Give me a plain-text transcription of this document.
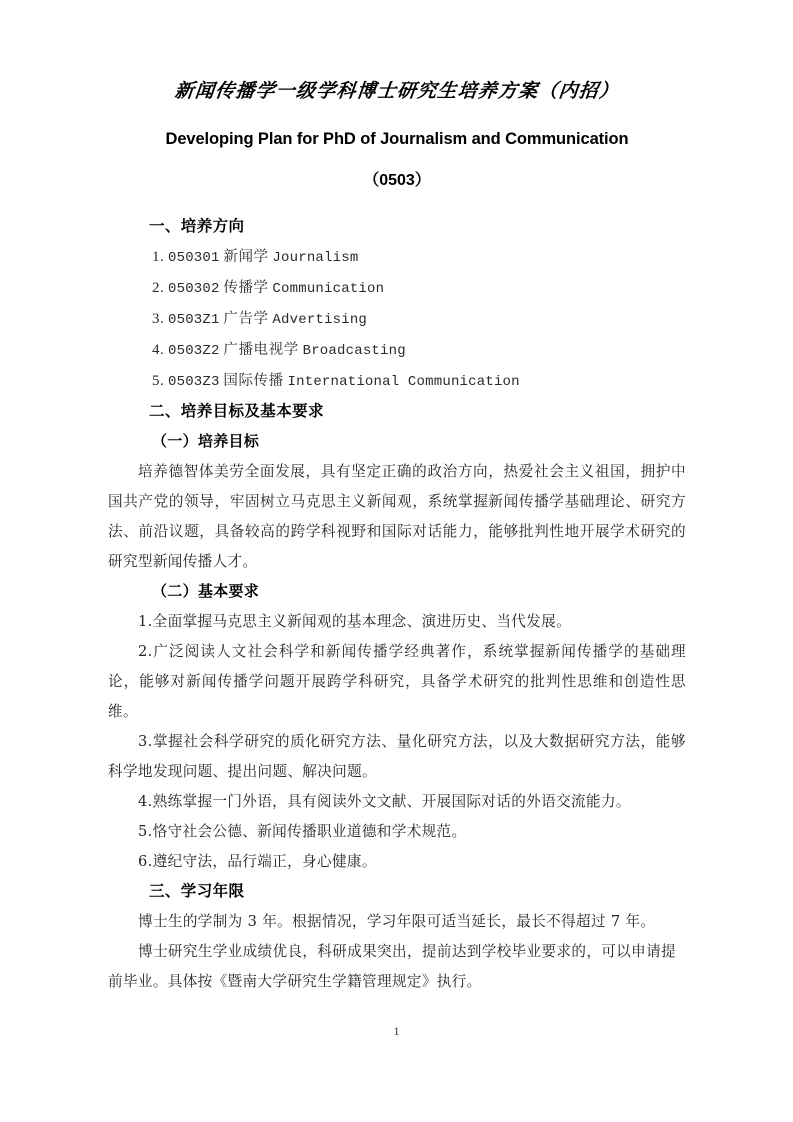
新闻传播学一级学科博士研究生培养方案（内招）
Developing Plan for PhD of Journalism and Communication
（0503）
一、培养方向
1. 050301 新闻学 Journalism
2. 050302 传播学 Communication
3. 0503Z1 广告学 Advertising
4. 0503Z2 广播电视学 Broadcasting
5. 0503Z3 国际传播 International Communication
二、培养目标及基本要求
（一）培养目标

培养德智体美劳全面发展，具有坚定正确的政治方向，热爱社会主义祖国，拥护中国共产党的领导，牢固树立马克思主义新闻观，系统掌握新闻传播学基础理论、研究方法、前沿议题，具备较高的跨学科视野和国际对话能力，能够批判性地开展学术研究的研究型新闻传播人才。

（二）基本要求

1.全面掌握马克思主义新闻观的基本理念、演进历史、当代发展。

2.广泛阅读人文社会科学和新闻传播学经典著作，系统掌握新闻传播学的基础理论，能够对新闻传播学问题开展跨学科研究，具备学术研究的批判性思维和创造性思维。

3.掌握社会科学研究的质化研究方法、量化研究方法，以及大数据研究方法，能够科学地发现问题、提出问题、解决问题。

4.熟练掌握一门外语，具有阅读外文文献、开展国际对话的外语交流能力。

5.恪守社会公德、新闻传播职业道德和学术规范。

6.遵纪守法，品行端正，身心健康。

三、学习年限

博士生的学制为 3 年。根据情况，学习年限可适当延长，最长不得超过 7 年。

博士研究生学业成绩优良，科研成果突出，提前达到学校毕业要求的，可以申请提前毕业。具体按《暨南大学研究生学籍管理规定》执行。

1
